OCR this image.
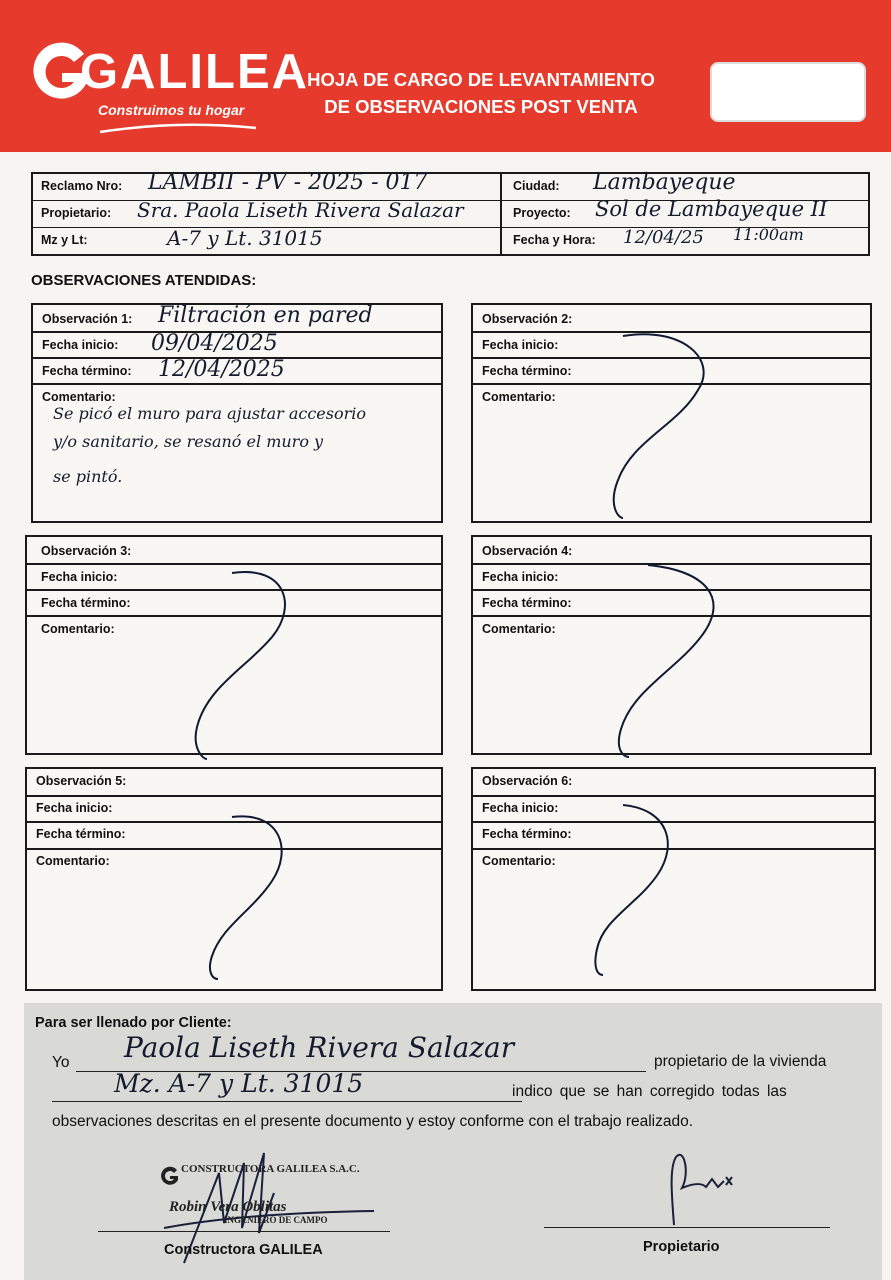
GALILEA
Construimos tu hogar
HOJA DE CARGO DE LEVANTAMIENTO
DE OBSERVACIONES POST VENTA
Reclamo Nro: LAMBII - PV - 2025 - 017	Ciudad: Lambayeque
Propietario: Sra. Paola Liseth Rivera Salazar	Proyecto: Sol de Lambayeque II
Mz y Lt:	A-7 y Lt. 31015	Fecha y Hora: 12/04/25 11:00am
OBSERVACIONES ATENDIDAS:
Observación 1: Filtración en pared
Fecha inicio: 09/04/2025
Fecha término: 12/04/2025
Comentario:
Se picó el muro para ajustar accesorio
y/o sanitario, se resanó el muro y
se pintó.
Observación 2:
Fecha inicio:
Fecha término:
Comentario:
Observación 3:
Fecha inicio:
Fecha término:
Comentario:
Observación 4:
Fecha inicio:
Fecha término:
Comentario:
Observación 5:
Fecha inicio:
Fecha término:
Comentario:
Observación 6:
Fecha inicio:
Fecha término:
Comentario:
Para ser llenado por Cliente:
Yo Paola Liseth Rivera Salazar	propietario de la vivienda
Mz. A-7 y Lt. 31015	indico que se han corregido todas las
observaciones descritas en el presente documento y estoy conforme con el trabajo realizado.
CONSTRUCTORA GALILEA S.A.C.
Robin Vera Oblitas
INGENIERO DE CAMPO
Constructora GALILEA	Propietario
